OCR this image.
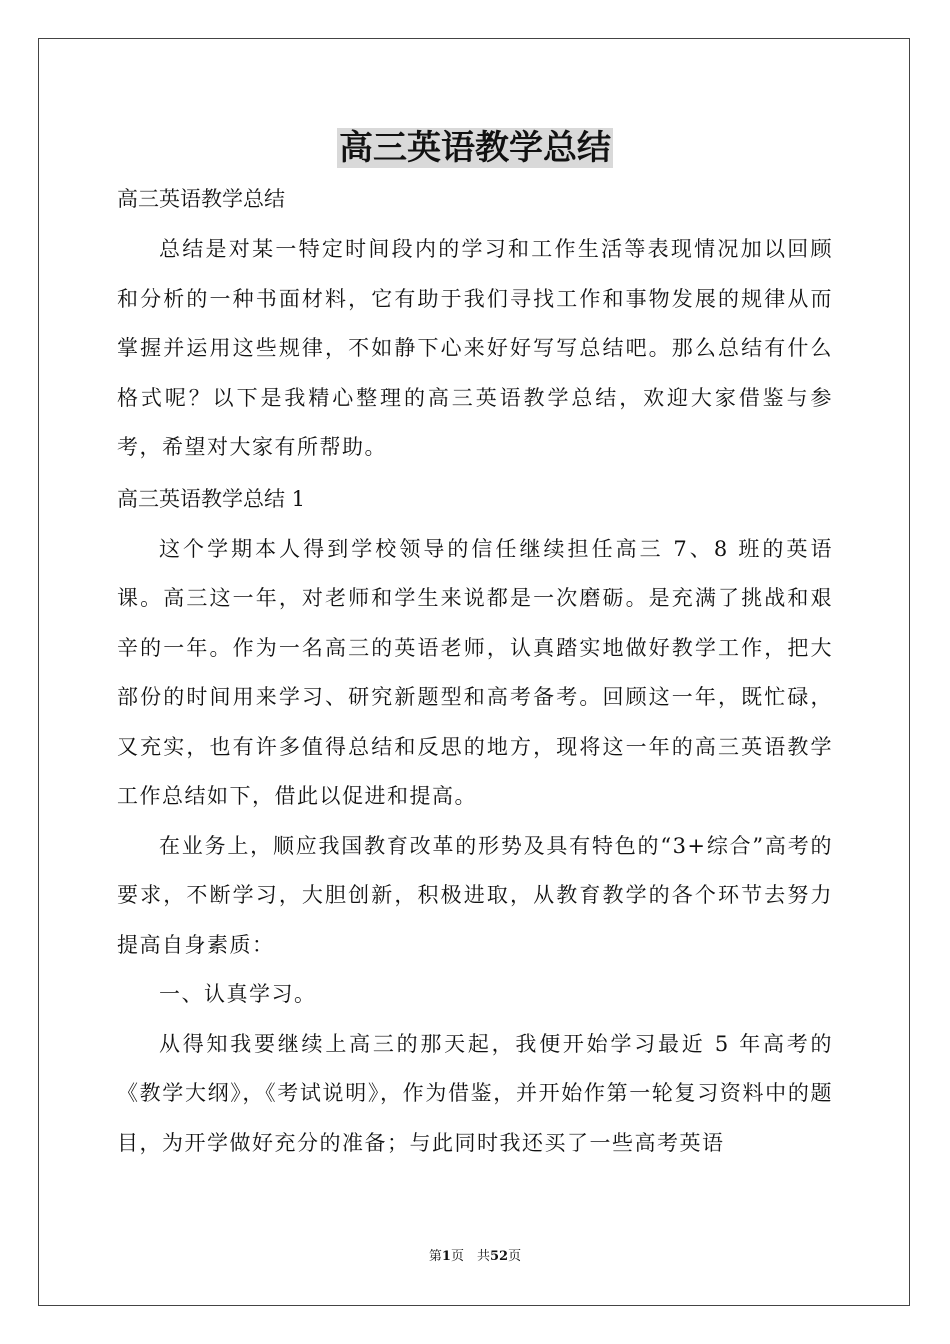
高三英语教学总结

高三英语教学总结

总结是对某一特定时间段内的学习和工作生活等表现情况加以回顾和分析的一种书面材料，它有助于我们寻找工作和事物发展的规律从而掌握并运用这些规律，不如静下心来好好写写总结吧。那么总结有什么格式呢？以下是我精心整理的高三英语教学总结，欢迎大家借鉴与参考，希望对大家有所帮助。

高三英语教学总结 1

这个学期本人得到学校领导的信任继续担任高三 7、8 班的英语课。高三这一年，对老师和学生来说都是一次磨砺。是充满了挑战和艰辛的一年。作为一名高三的英语老师，认真踏实地做好教学工作，把大部份的时间用来学习、研究新题型和高考备考。回顾这一年，既忙碌，又充实，也有许多值得总结和反思的地方，现将这一年的高三英语教学工作总结如下，借此以促进和提高。

在业务上，顺应我国教育改革的形势及具有特色的“3+综合”高考的要求，不断学习，大胆创新，积极进取，从教育教学的各个环节去努力提高自身素质：

一、认真学习。

从得知我要继续上高三的那天起，我便开始学习最近 5 年高考的《教学大纲》，《考试说明》，作为借鉴，并开始作第一轮复习资料中的题目，为开学做好充分的准备；与此同时我还买了一些高考英语

第1页　共52页
